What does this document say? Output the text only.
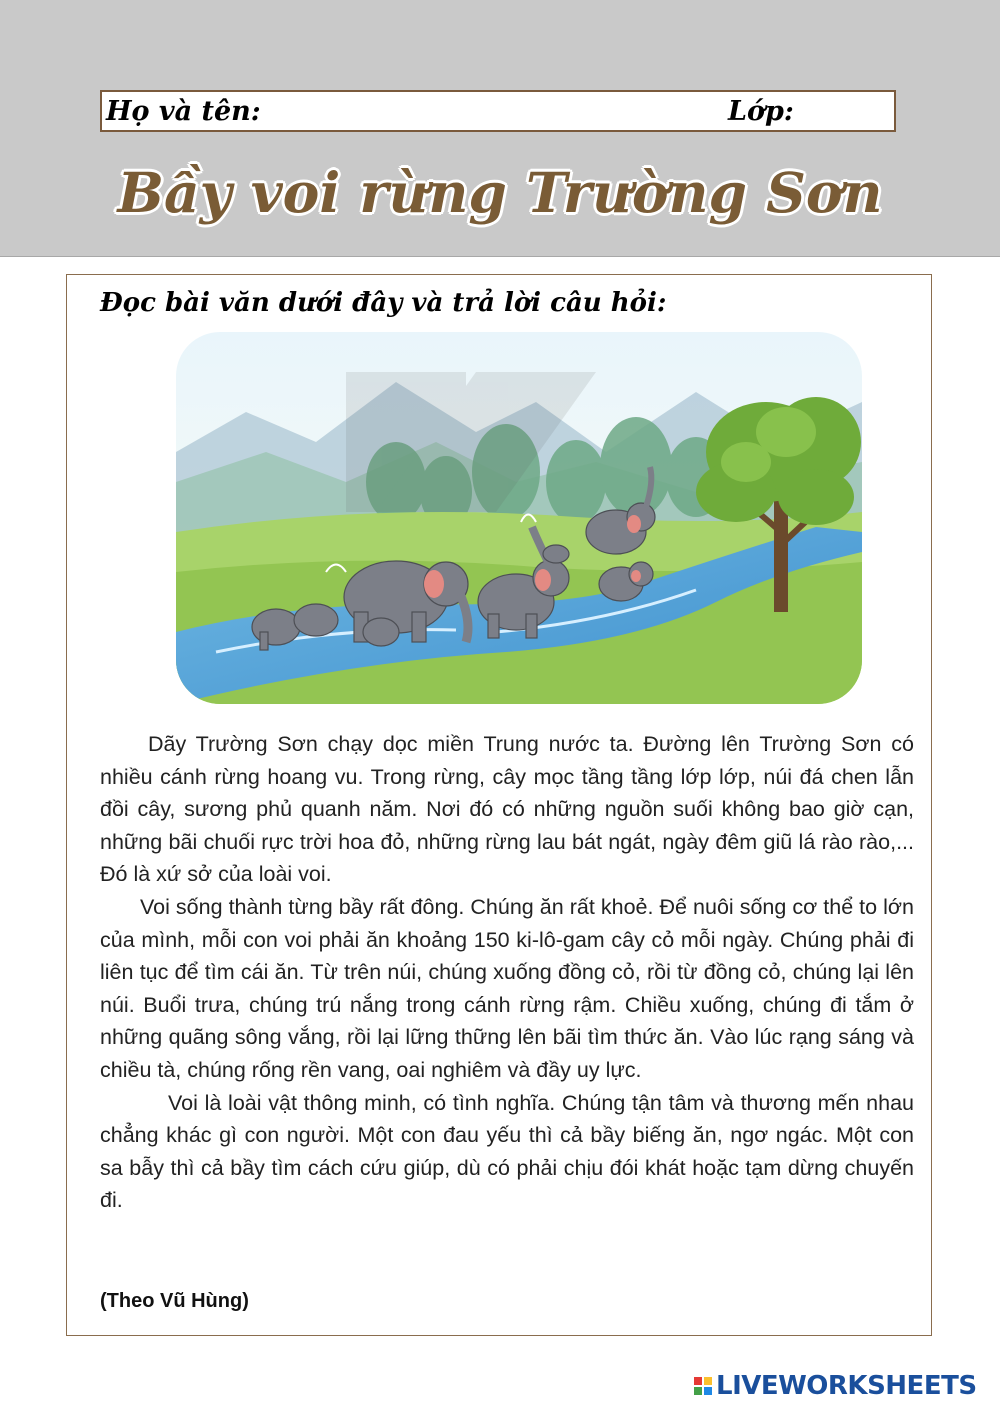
Họ và tên:	Lớp:
Bầy voi rừng Trường Sơn
Đọc bài văn dưới đây và trả lời câu hỏi:

Dãy Trường Sơn chạy dọc miền Trung nước ta. Đường lên Trường Sơn có nhiều cánh rừng hoang vu. Trong rừng, cây mọc tầng tầng lớp lớp, núi đá chen lẫn đồi cây, sương phủ quanh năm. Nơi đó có những nguồn suối không bao giờ cạn, những bãi chuối rực trời hoa đỏ, những rừng lau bát ngát, ngày đêm giũ lá rào rào,... Đó là xứ sở của loài voi.

Voi sống thành từng bầy rất đông. Chúng ăn rất khoẻ. Để nuôi sống cơ thể to lớn của mình, mỗi con voi phải ăn khoảng 150 ki-lô-gam cây cỏ mỗi ngày. Chúng phải đi liên tục để tìm cái ăn. Từ trên núi, chúng xuống đồng cỏ, rồi từ đồng cỏ, chúng lại lên núi. Buổi trưa, chúng trú nắng trong cánh rừng rậm. Chiều xuống, chúng đi tắm ở những quãng sông vắng, rồi lại lững thững lên bãi tìm thức ăn. Vào lúc rạng sáng và chiều tà, chúng rống rền vang, oai nghiêm và đầy uy lực.

Voi là loài vật thông minh, có tình nghĩa. Chúng tận tâm và thương mến nhau chẳng khác gì con người. Một con đau yếu thì cả bầy biếng ăn, ngơ ngác. Một con sa bẫy thì cả bầy tìm cách cứu giúp, dù có phải chịu đói khát hoặc tạm dừng chuyến đi.

(Theo Vũ Hùng)
LIVEWORKSHEETS
